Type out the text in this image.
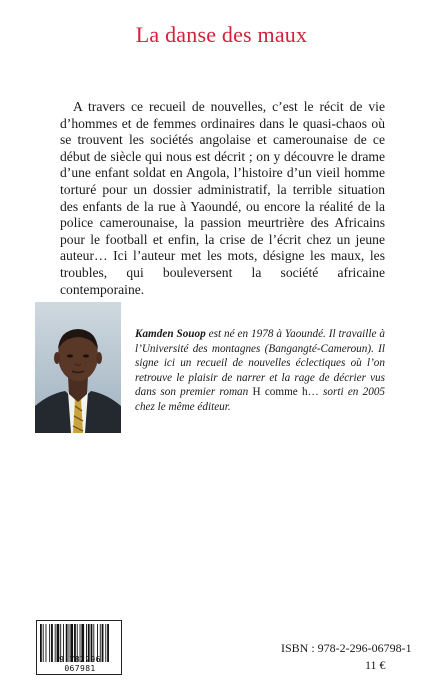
La danse des maux

A travers ce recueil de nouvelles, c’est le récit de vie d’hommes et de femmes ordinaires dans le quasi-chaos où se trouvent les sociétés angolaise et camerounaise de ce début de siècle qui nous est décrit ; on y découvre le drame d’une enfant soldat en Angola, l’histoire d’un vieil homme torturé pour un dossier administratif, la terrible situation des enfants de la rue à Yaoundé, ou encore la réalité de la police camerounaise, la passion meurtrière des Africains pour le football et enfin, la crise de l’écrit chez un jeune auteur… Ici l’auteur met les mots, désigne les maux, les troubles, qui bouleversent la société africaine contemporaine.

Kamden Souop est né en 1978 à Yaoundé. Il travaille à l’Université des montagnes (Bangangté-Cameroun). Il signe ici un recueil de nouvelles éclectiques où l’on retrouve le plaisir de narrer et la rage de décrier vus dans son premier roman H comme h… sorti en 2005 chez le même éditeur.

9 782296 067981
ISBN : 978-2-296-06798-1
11 €
